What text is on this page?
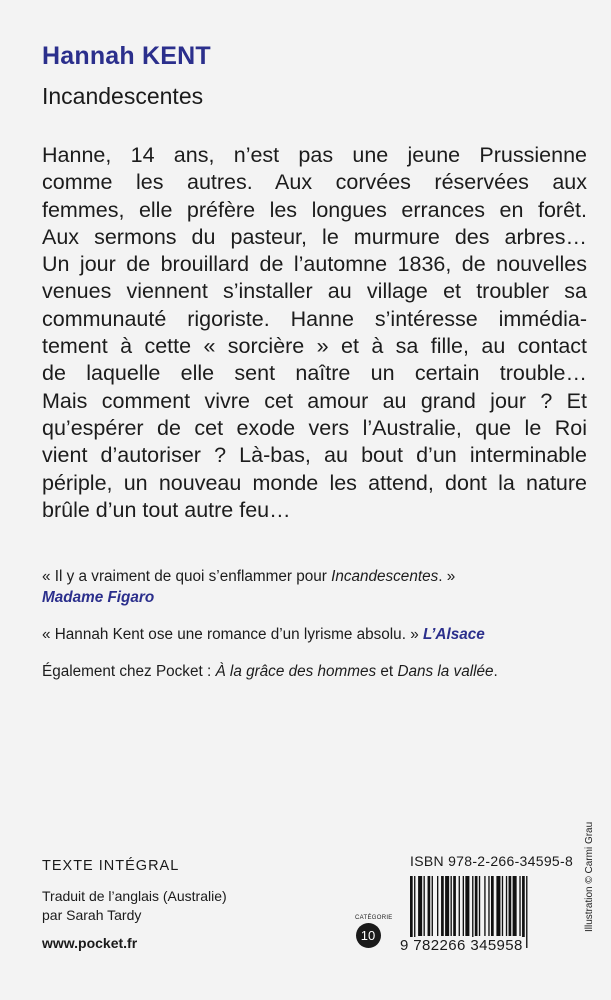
Hannah KENT
Incandescentes
Hanne, 14 ans, n’est pas une jeune Prussienne
comme les autres. Aux corvées réservées aux
femmes, elle préfère les longues errances en forêt.
Aux sermons du pasteur, le murmure des arbres…
Un jour de brouillard de l’automne 1836, de nouvelles
venues viennent s’installer au village et troubler sa
communauté rigoriste. Hanne s’intéresse immédia-
tement à cette « sorcière » et à sa fille, au contact
de laquelle elle sent naître un certain trouble…
Mais comment vivre cet amour au grand jour ? Et
qu’espérer de cet exode vers l’Australie, que le Roi
vient d’autoriser ? Là-bas, au bout d’un interminable
périple, un nouveau monde les attend, dont la nature
brûle d’un tout autre feu…
« Il y a vraiment de quoi s’enflammer pour Incandescentes. »
Madame Figaro
« Hannah Kent ose une romance d’un lyrisme absolu. » L’Alsace
Également chez Pocket : À la grâce des hommes et Dans la vallée.
TEXTE INTÉGRAL
Traduit de l’anglais (Australie)
par Sarah Tardy
www.pocket.fr
CATÉGORIE
10
ISBN 978-2-266-34595-8
9 782266 345958
Illustration © Carmi Grau
